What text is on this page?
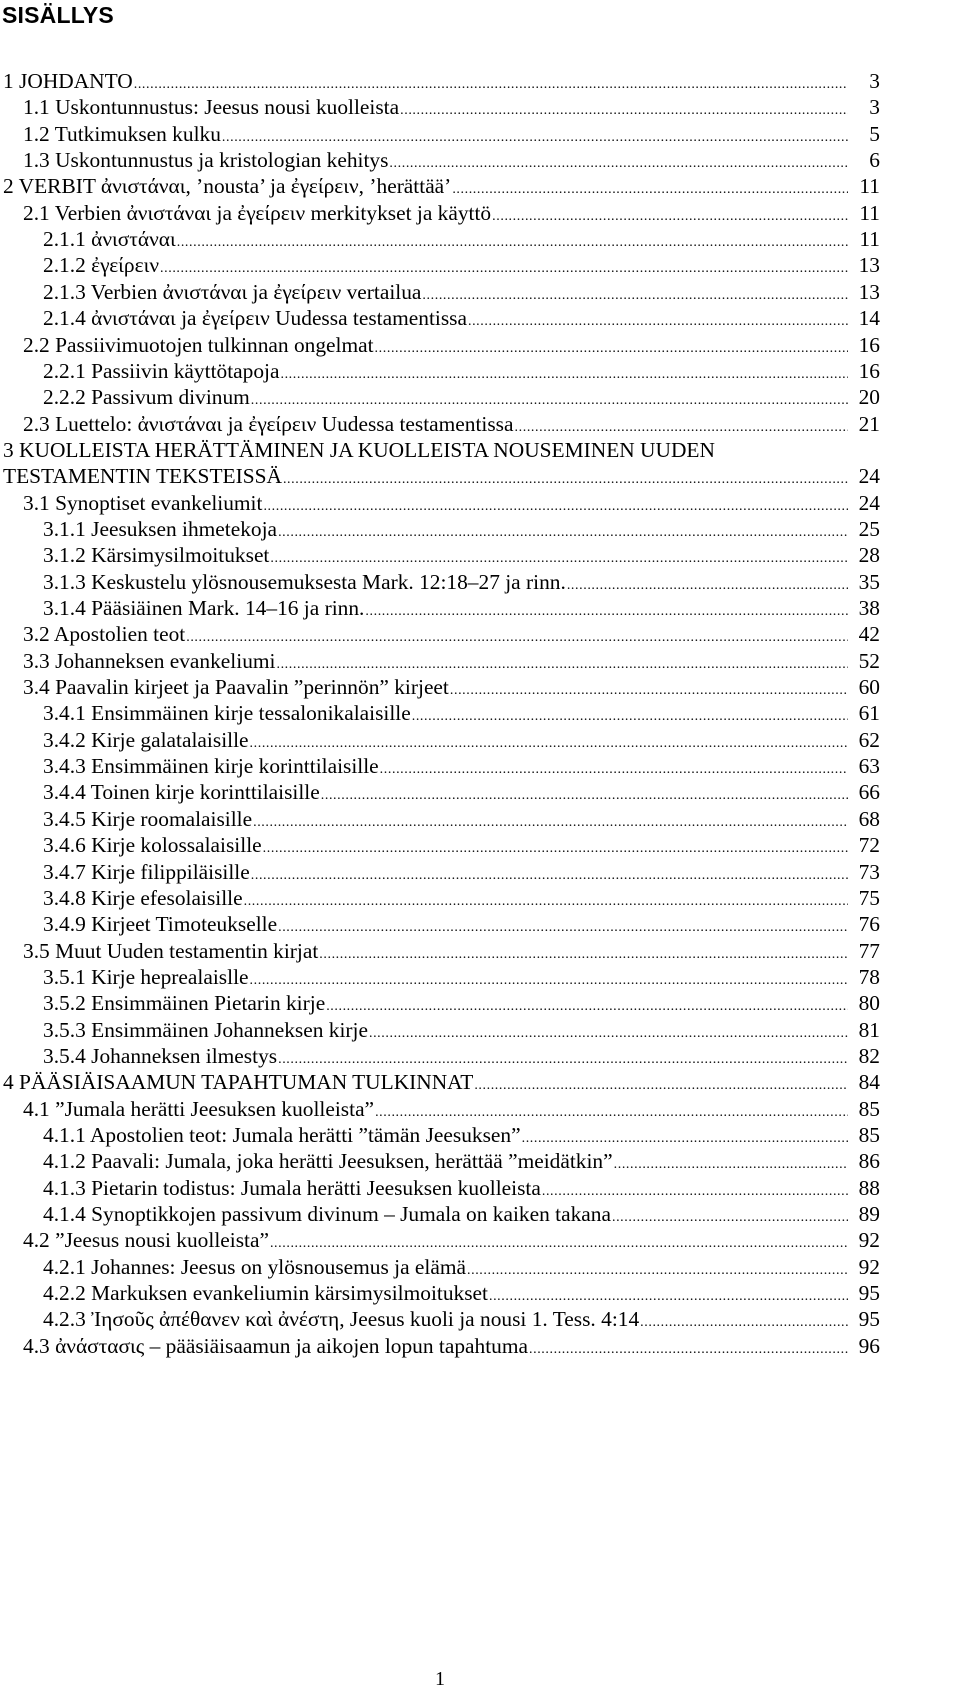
SISÄLLYS
1 JOHDANTO .....	3
1.1 Uskontunnustus: Jeesus nousi kuolleista .....	3
1.2 Tutkimuksen kulku .....	5
1.3 Uskontunnustus ja kristologian kehitys .....	6
2 VERBIT ἀνιστάναι, ’nousta’ ja ἐγείρειν, ’herättää’ .....	11
2.1 Verbien ἀνιστάναι ja ἐγείρειν merkitykset ja käyttö .....	11
2.1.1 ἀνιστάναι .....	11
2.1.2 ἐγείρειν .....	13
2.1.3 Verbien ἀνιστάναι ja ἐγείρειν vertailua .....	13
2.1.4 ἀνιστάναι ja ἐγείρειν Uudessa testamentissa .....	14
2.2 Passiivimuotojen tulkinnan ongelmat .....	16
2.2.1 Passiivin käyttötapoja .....	16
2.2.2 Passivum divinum .....	20
2.3 Luettelo: ἀνιστάναι ja ἐγείρειν Uudessa testamentissa .....	21
3 KUOLLEISTA HERÄTTÄMINEN JA KUOLLEISTA NOUSEMINEN UUDEN
TESTAMENTIN TEKSTEISSÄ .....	24
3.1 Synoptiset evankeliumit .....	24
3.1.1 Jeesuksen ihmetekoja .....	25
3.1.2 Kärsimysilmoitukset .....	28
3.1.3 Keskustelu ylösnousemuksesta Mark. 12:18–27 ja rinn. .....	35
3.1.4 Pääsiäinen Mark. 14–16 ja rinn. .....	38
3.2 Apostolien teot .....	42
3.3 Johanneksen evankeliumi .....	52
3.4 Paavalin kirjeet ja Paavalin ”perinnön” kirjeet .....	60
3.4.1 Ensimmäinen kirje tessalonikalaisille .....	61
3.4.2 Kirje galatalaisille .....	62
3.4.3 Ensimmäinen kirje korinttilaisille .....	63
3.4.4 Toinen kirje korinttilaisille .....	66
3.4.5 Kirje roomalaisille .....	68
3.4.6 Kirje kolossalaisille .....	72
3.4.7 Kirje filippiläisille .....	73
3.4.8 Kirje efesolaisille .....	75
3.4.9 Kirjeet Timoteukselle .....	76
3.5 Muut Uuden testamentin kirjat .....	77
3.5.1 Kirje heprealaislle .....	78
3.5.2 Ensimmäinen Pietarin kirje .....	80
3.5.3 Ensimmäinen Johanneksen kirje .....	81
3.5.4 Johanneksen ilmestys .....	82
4 PÄÄSIÄISAAMUN TAPAHTUMAN TULKINNAT .....	84
4.1 ”Jumala herätti Jeesuksen kuolleista” .....	85
4.1.1 Apostolien teot: Jumala herätti ”tämän Jeesuksen” .....	85
4.1.2 Paavali: Jumala, joka herätti Jeesuksen, herättää ”meidätkin” .....	86
4.1.3 Pietarin todistus: Jumala herätti Jeesuksen kuolleista .....	88
4.1.4 Synoptikkojen passivum divinum – Jumala on kaiken takana .....	89
4.2 ”Jeesus nousi kuolleista” .....	92
4.2.1 Johannes: Jeesus on ylösnousemus ja elämä .....	92
4.2.2 Markuksen evankeliumin kärsimysilmoitukset .....	95
4.2.3 Ἰησοῦς ἀπέθανεν καὶ ἀνέστη, Jeesus kuoli ja nousi 1. Tess. 4:14 .....	95
4.3 ἀνάστασις – pääsiäisaamun ja aikojen lopun tapahtuma .....	96
1
